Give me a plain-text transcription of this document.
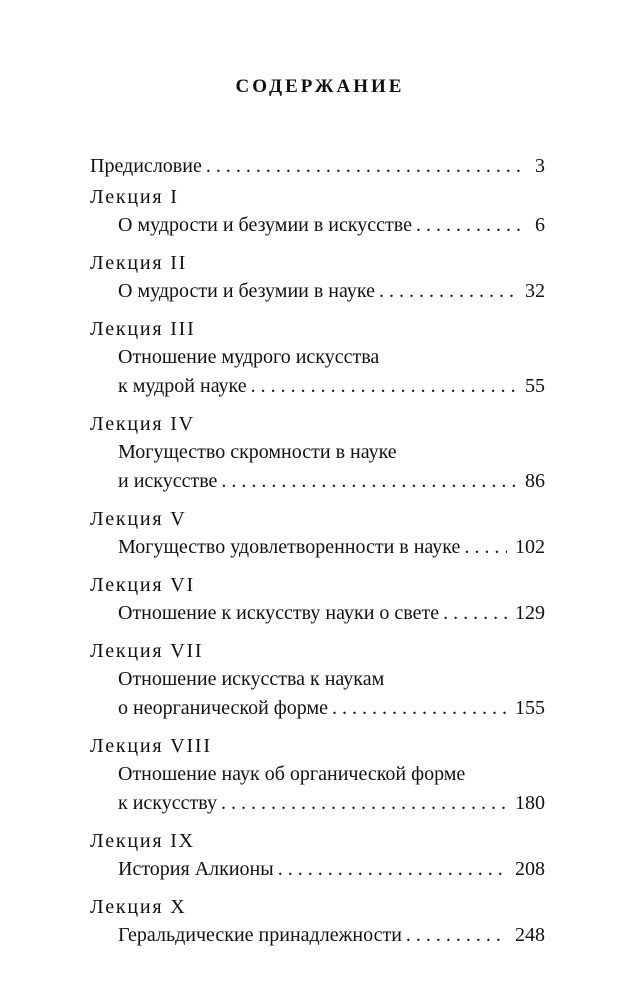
СОДЕРЖАНИЕ
Предисловие . . .	3
Лекция I
О мудрости и безумии в искусстве . . .	6
Лекция II
О мудрости и безумии в науке . . .	32
Лекция III
Отношение мудрого искусства
к мудрой науке . . .	55
Лекция IV
Могущество скромности в науке
и искусстве . . .	86
Лекция V
Могущество удовлетворенности в науке . . .	102
Лекция VI
Отношение к искусству науки о свете . . .	129
Лекция VII
Отношение искусства к наукам
о неорганической форме . . .	155
Лекция VIII
Отношение наук об органической форме
к искусству . . .	180
Лекция IX
История Алкионы . . .	208
Лекция X
Геральдические принадлежности . . .	248
